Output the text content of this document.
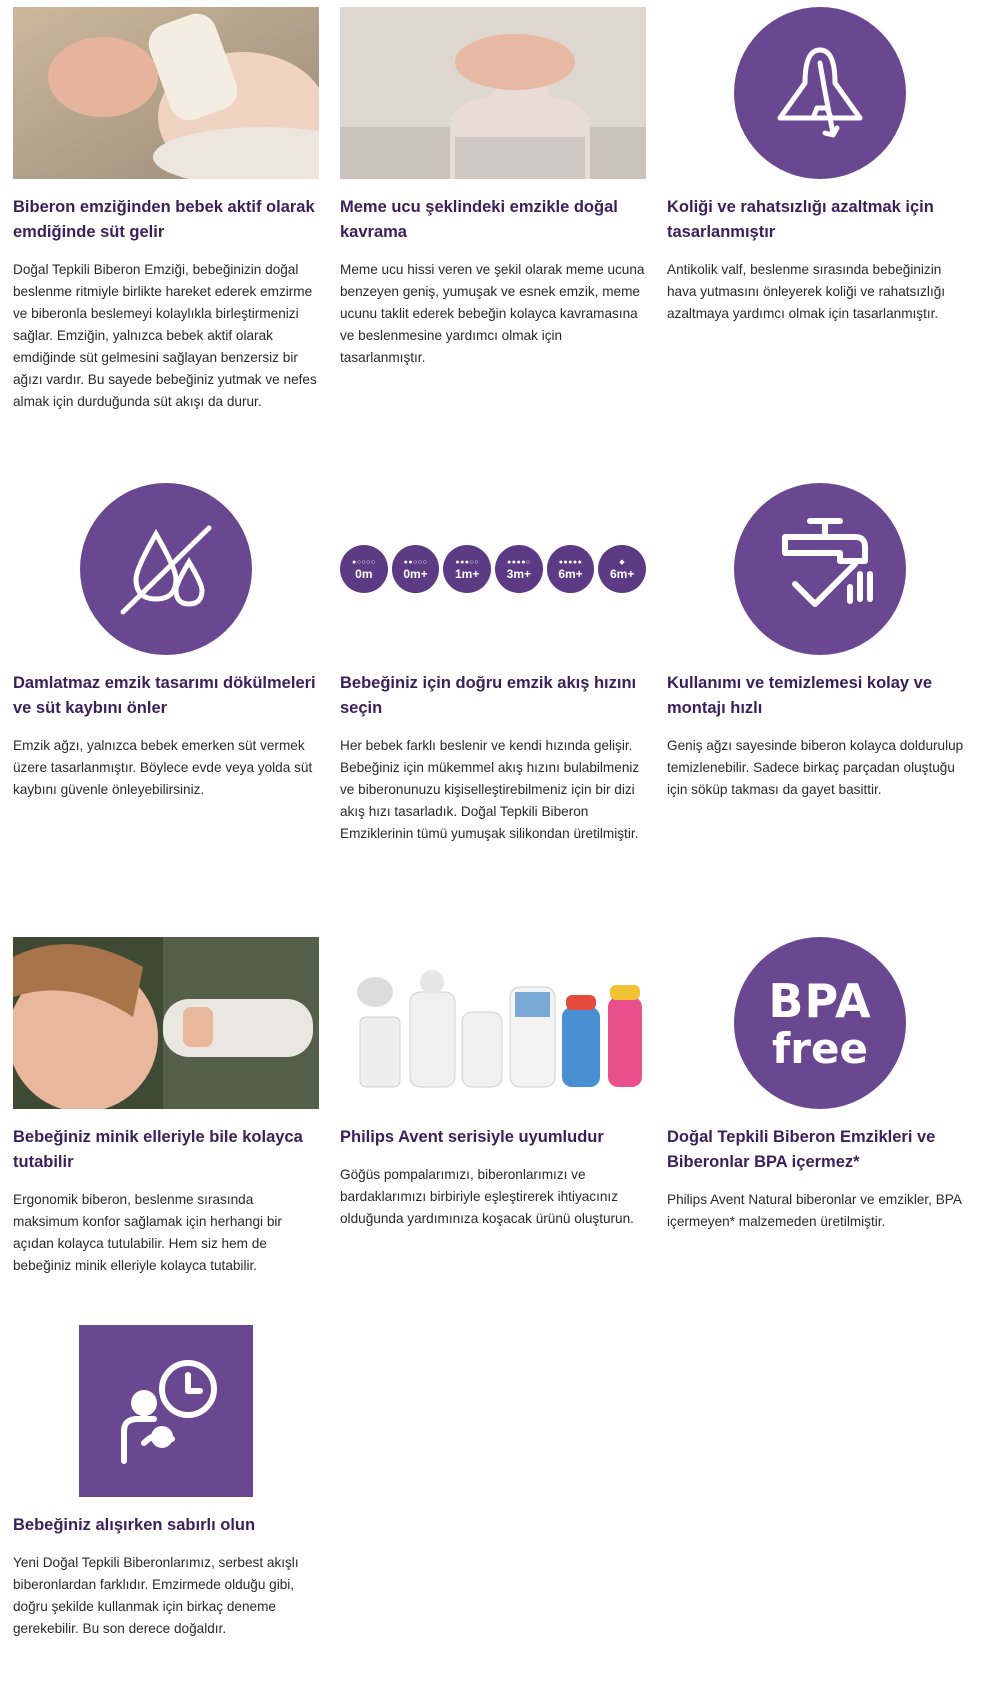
Biberon emziğinden bebek aktif olarak emdiğinde süt gelir
Doğal Tepkili Biberon Emziği, bebeğinizin doğal beslenme ritmiyle birlikte hareket ederek emzirme ve biberonla beslemeyi kolaylıkla birleştirmenizi sağlar. Emziğin, yalnızca bebek aktif olarak emdiğinde süt gelmesini sağlayan benzersiz bir ağızı vardır. Bu sayede bebeğiniz yutmak ve nefes almak için durduğunda süt akışı da durur.
Meme ucu şeklindeki emzikle doğal kavrama
Meme ucu hissi veren ve şekil olarak meme ucuna benzeyen geniş, yumuşak ve esnek emzik, meme ucunu taklit ederek bebeğin kolayca kavramasına ve beslenmesine yardımcı olmak için tasarlanmıştır.
Koliği ve rahatsızlığı azaltmak için tasarlanmıştır
Antikolik valf, beslenme sırasında bebeğinizin hava yutmasını önleyerek koliği ve rahatsızlığı azaltmaya yardımcı olmak için tasarlanmıştır.
Damlatmaz emzik tasarımı dökülmeleri ve süt kaybını önler
Emzik ağzı, yalnızca bebek emerken süt vermek üzere tasarlanmıştır. Böylece evde veya yolda süt kaybını güvenle önleyebilirsiniz.
●○○○○
0m
●●○○○
0m+
●●●○○
1m+
●●●●○
3m+
●●●●●
6m+
◆
6m+
Bebeğiniz için doğru emzik akış hızını seçin
Her bebek farklı beslenir ve kendi hızında gelişir. Bebeğiniz için mükemmel akış hızını bulabilmeniz ve biberonunuzu kişiselleştirebilmeniz için bir dizi akış hızı tasarladık. Doğal Tepkili Biberon Emziklerinin tümü yumuşak silikondan üretilmiştir.
Kullanımı ve temizlemesi kolay ve montajı hızlı
Geniş ağzı sayesinde biberon kolayca doldurulup temizlenebilir. Sadece birkaç parçadan oluştuğu için söküp takması da gayet basittir.
Bebeğiniz minik elleriyle bile kolayca tutabilir
Ergonomik biberon, beslenme sırasında maksimum konfor sağlamak için herhangi bir açıdan kolayca tutulabilir. Hem siz hem de bebeğiniz minik elleriyle kolayca tutabilir.
Philips Avent serisiyle uyumludur
Göğüs pompalarımızı, biberonlarımızı ve bardaklarımızı birbiriyle eşleştirerek ihtiyacınız olduğunda yardımınıza koşacak ürünü oluşturun.
BPA
free
Doğal Tepkili Biberon Emzikleri ve Biberonlar BPA içermez*
Philips Avent Natural biberonlar ve emzikler, BPA içermeyen* malzemeden üretilmiştir.
Bebeğiniz alışırken sabırlı olun
Yeni Doğal Tepkili Biberonlarımız, serbest akışlı biberonlardan farklıdır. Emzirmede olduğu gibi, doğru şekilde kullanmak için birkaç deneme gerekebilir. Bu son derece doğaldır.
